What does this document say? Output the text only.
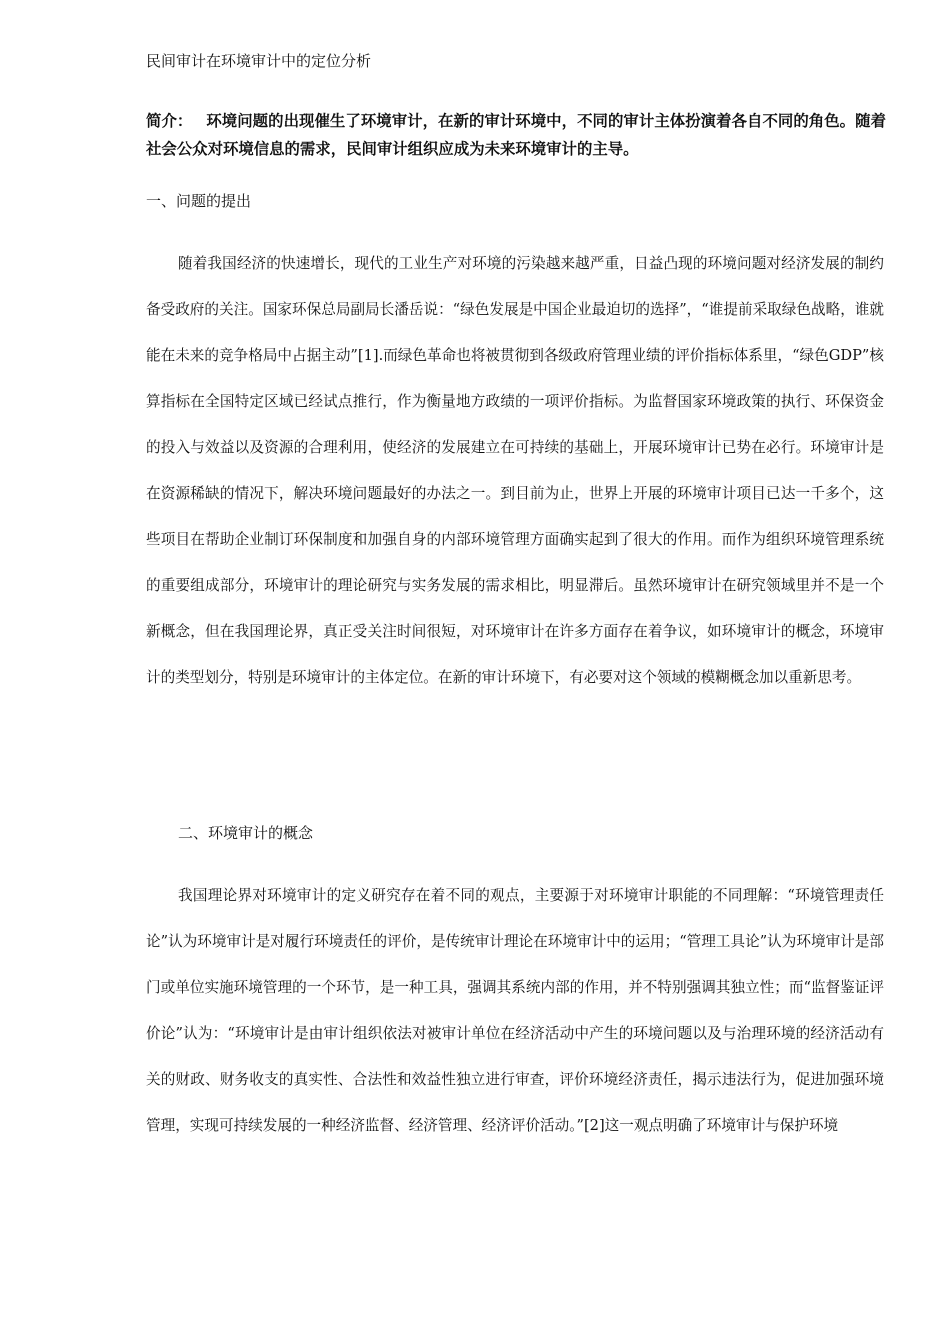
民间审计在环境审计中的定位分析
简介： 环境问题的出现催生了环境审计，在新的审计环境中，不同的审计主体扮演着各自不同的角色。随着社会公众对环境信息的需求，民间审计组织应成为未来环境审计的主导。
一、问题的提出

随着我国经济的快速增长，现代的工业生产对环境的污染越来越严重，日益凸现的环境问题对经济发展的制约备受政府的关注。国家环保总局副局长潘岳说：“绿色发展是中国企业最迫切的选择”，“谁提前采取绿色战略，谁就能在未来的竞争格局中占据主动”[1].而绿色革命也将被贯彻到各级政府管理业绩的评价指标体系里，“绿色GDP”核算指标在全国特定区域已经试点推行，作为衡量地方政绩的一项评价指标。为监督国家环境政策的执行、环保资金的投入与效益以及资源的合理利用，使经济的发展建立在可持续的基础上，开展环境审计已势在必行。环境审计是在资源稀缺的情况下，解决环境问题最好的办法之一。到目前为止，世界上开展的环境审计项目已达一千多个，这些项目在帮助企业制订环保制度和加强自身的内部环境管理方面确实起到了很大的作用。而作为组织环境管理系统的重要组成部分，环境审计的理论研究与实务发展的需求相比，明显滞后。虽然环境审计在研究领域里并不是一个新概念，但在我国理论界，真正受关注时间很短，对环境审计在许多方面存在着争议，如环境审计的概念，环境审计的类型划分，特别是环境审计的主体定位。在新的审计环境下，有必要对这个领域的模糊概念加以重新思考。

二、环境审计的概念

我国理论界对环境审计的定义研究存在着不同的观点，主要源于对环境审计职能的不同理解：“环境管理责任论”认为环境审计是对履行环境责任的评价，是传统审计理论在环境审计中的运用；“管理工具论”认为环境审计是部门或单位实施环境管理的一个环节，是一种工具，强调其系统内部的作用，并不特别强调其独立性；而“监督鉴证评价论”认为：“环境审计是由审计组织依法对被审计单位在经济活动中产生的环境问题以及与治理环境的经济活动有关的财政、财务收支的真实性、合法性和效益性独立进行审查，评价环境经济责任，揭示违法行为，促进加强环境管理，实现可持续发展的一种经济监督、经济管理、经济评价活动。”[2]这一观点明确了环境审计与保护环境
